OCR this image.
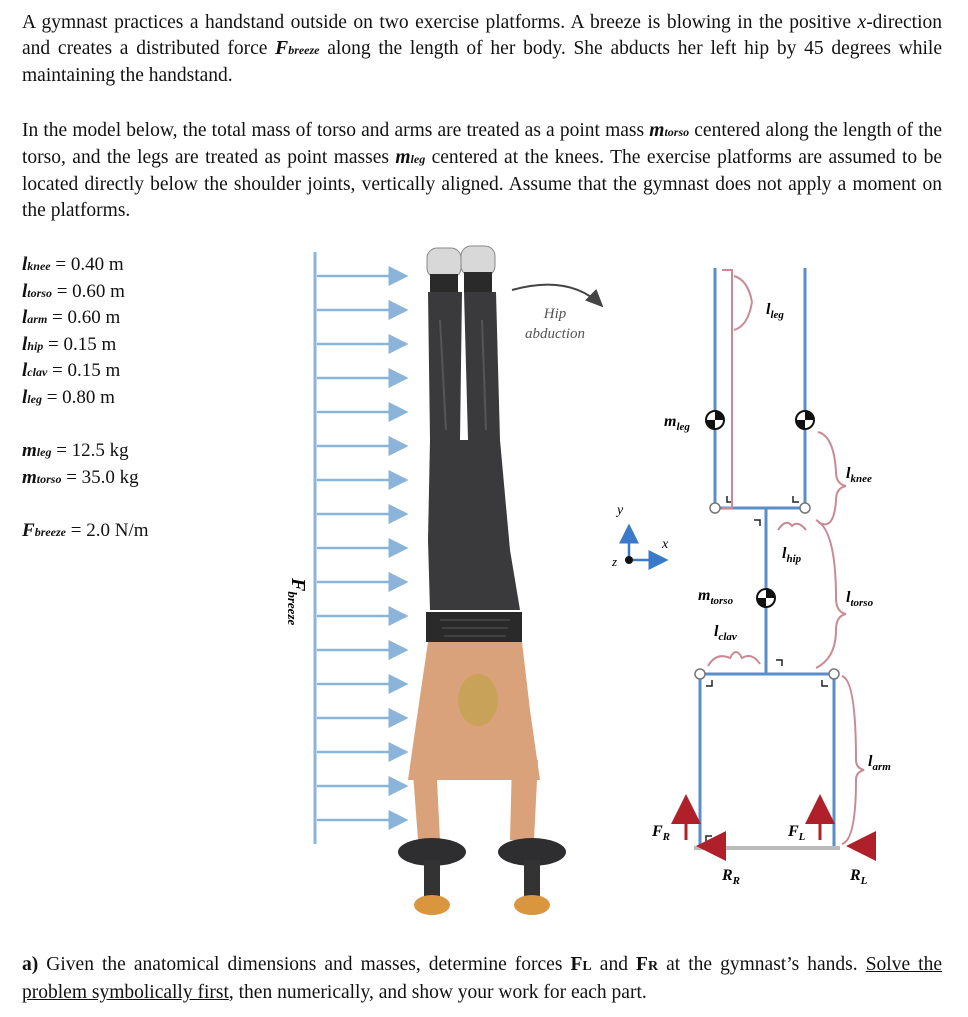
A gymnast practices a handstand outside on two exercise platforms. A breeze is blowing in the positive x-direction and creates a distributed force Fbreeze along the length of her body. She abducts her left hip by 45 degrees while maintaining the handstand.

In the model below, the total mass of torso and arms are treated as a point mass mtorso centered along the length of the torso, and the legs are treated as point masses mleg centered at the knees. The exercise platforms are assumed to be located directly below the shoulder joints, vertically aligned. Assume that the gymnast does not apply a moment on the platforms.

lknee = 0.40 m
ltorso = 0.60 m
larm = 0.60 m
lhip = 0.15 m
lclav = 0.15 m
lleg = 0.80 m
mleg = 12.5 kg
mtorso = 35.0 kg
Fbreeze = 2.0 N/m
$F_{breeze}$
Hip
abduction
y
x
z
$m_{leg}$
$l_{leg}$
$l_{knee}$
$l_{hip}$
$m_{torso}$	$l_{torso}$
$l_{clav}$
$l_{arm}$
$F_R$	$F_L$
$R_R$	$R_L$

a) Given the anatomical dimensions and masses, determine forces FL and FR at the gymnast’s hands. Solve the problem symbolically first, then numerically, and show your work for each part.
